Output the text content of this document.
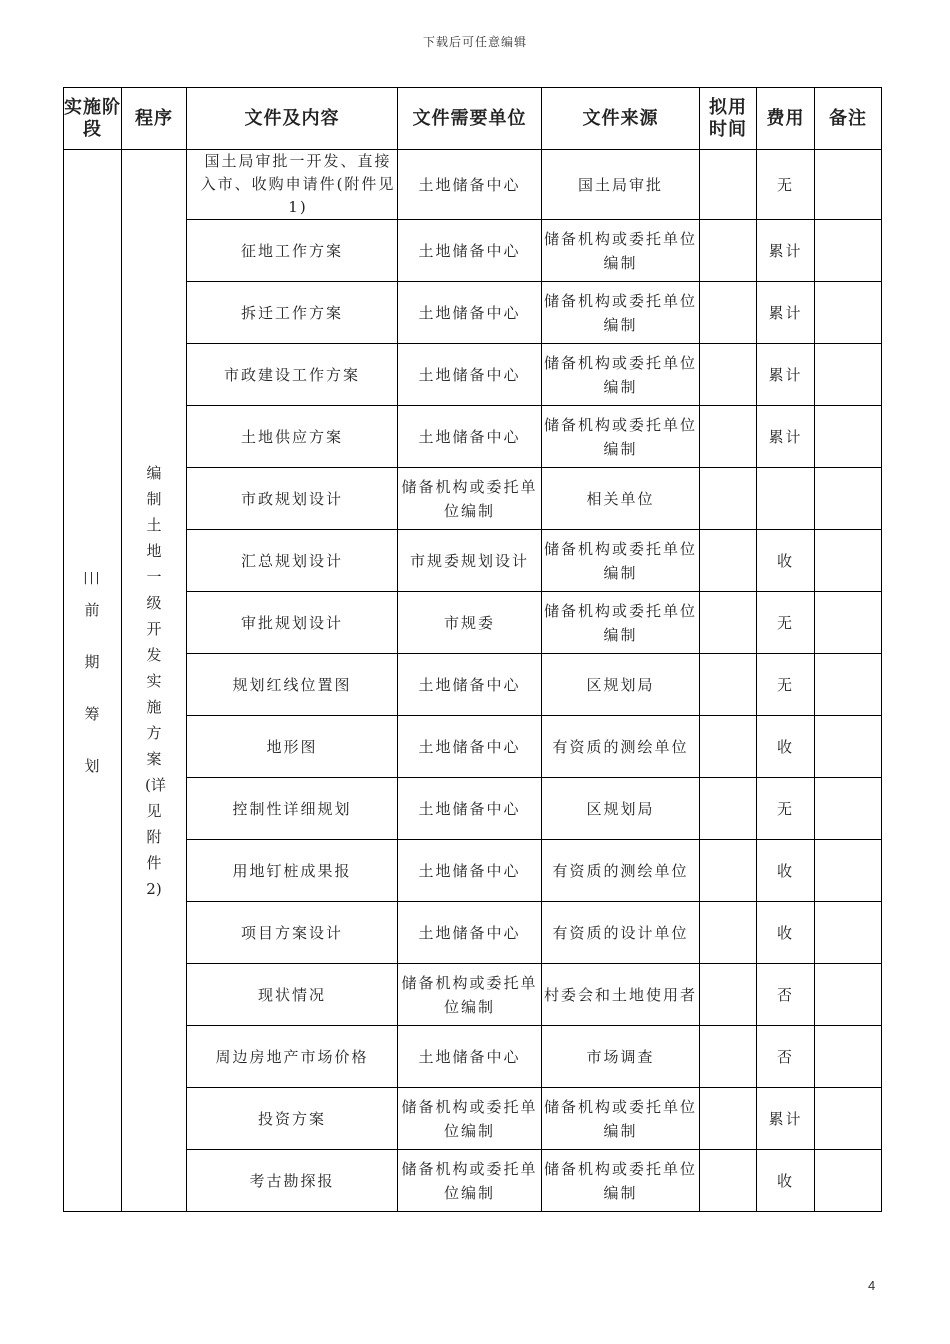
下载后可任意编辑
实施阶段	程序	文件及内容	文件需要单位	文件来源	拟用时间	费用	备注

|||
前期筹划	编制土地一级开发实施方案(详见附件2)	国土局审批一开发、直接入市、收购申请件(附件见1)	土地储备中心	国土局审批		无	
		征地工作方案	土地储备中心	储备机构或委托单位编制		累计	
		拆迁工作方案	土地储备中心	储备机构或委托单位编制		累计	
		市政建设工作方案	土地储备中心	储备机构或委托单位编制		累计	
		土地供应方案	土地储备中心	储备机构或委托单位编制		累计	
		市政规划设计	储备机构或委托单位编制	相关单位			
		汇总规划设计	市规委规划设计	储备机构或委托单位编制		收	
		审批规划设计	市规委	储备机构或委托单位编制		无	
		规划红线位置图	土地储备中心	区规划局		无	
		地形图	土地储备中心	有资质的测绘单位		收	
		控制性详细规划	土地储备中心	区规划局		无	
		用地钉桩成果报	土地储备中心	有资质的测绘单位		收	
		项目方案设计	土地储备中心	有资质的设计单位		收	
		现状情况	储备机构或委托单位编制	村委会和土地使用者		否	
		周边房地产市场价格	土地储备中心	市场调查		否	
		投资方案	储备机构或委托单位编制	储备机构或委托单位编制		累计	
		考古勘探报	储备机构或委托单位编制	储备机构或委托单位编制		收	
4
